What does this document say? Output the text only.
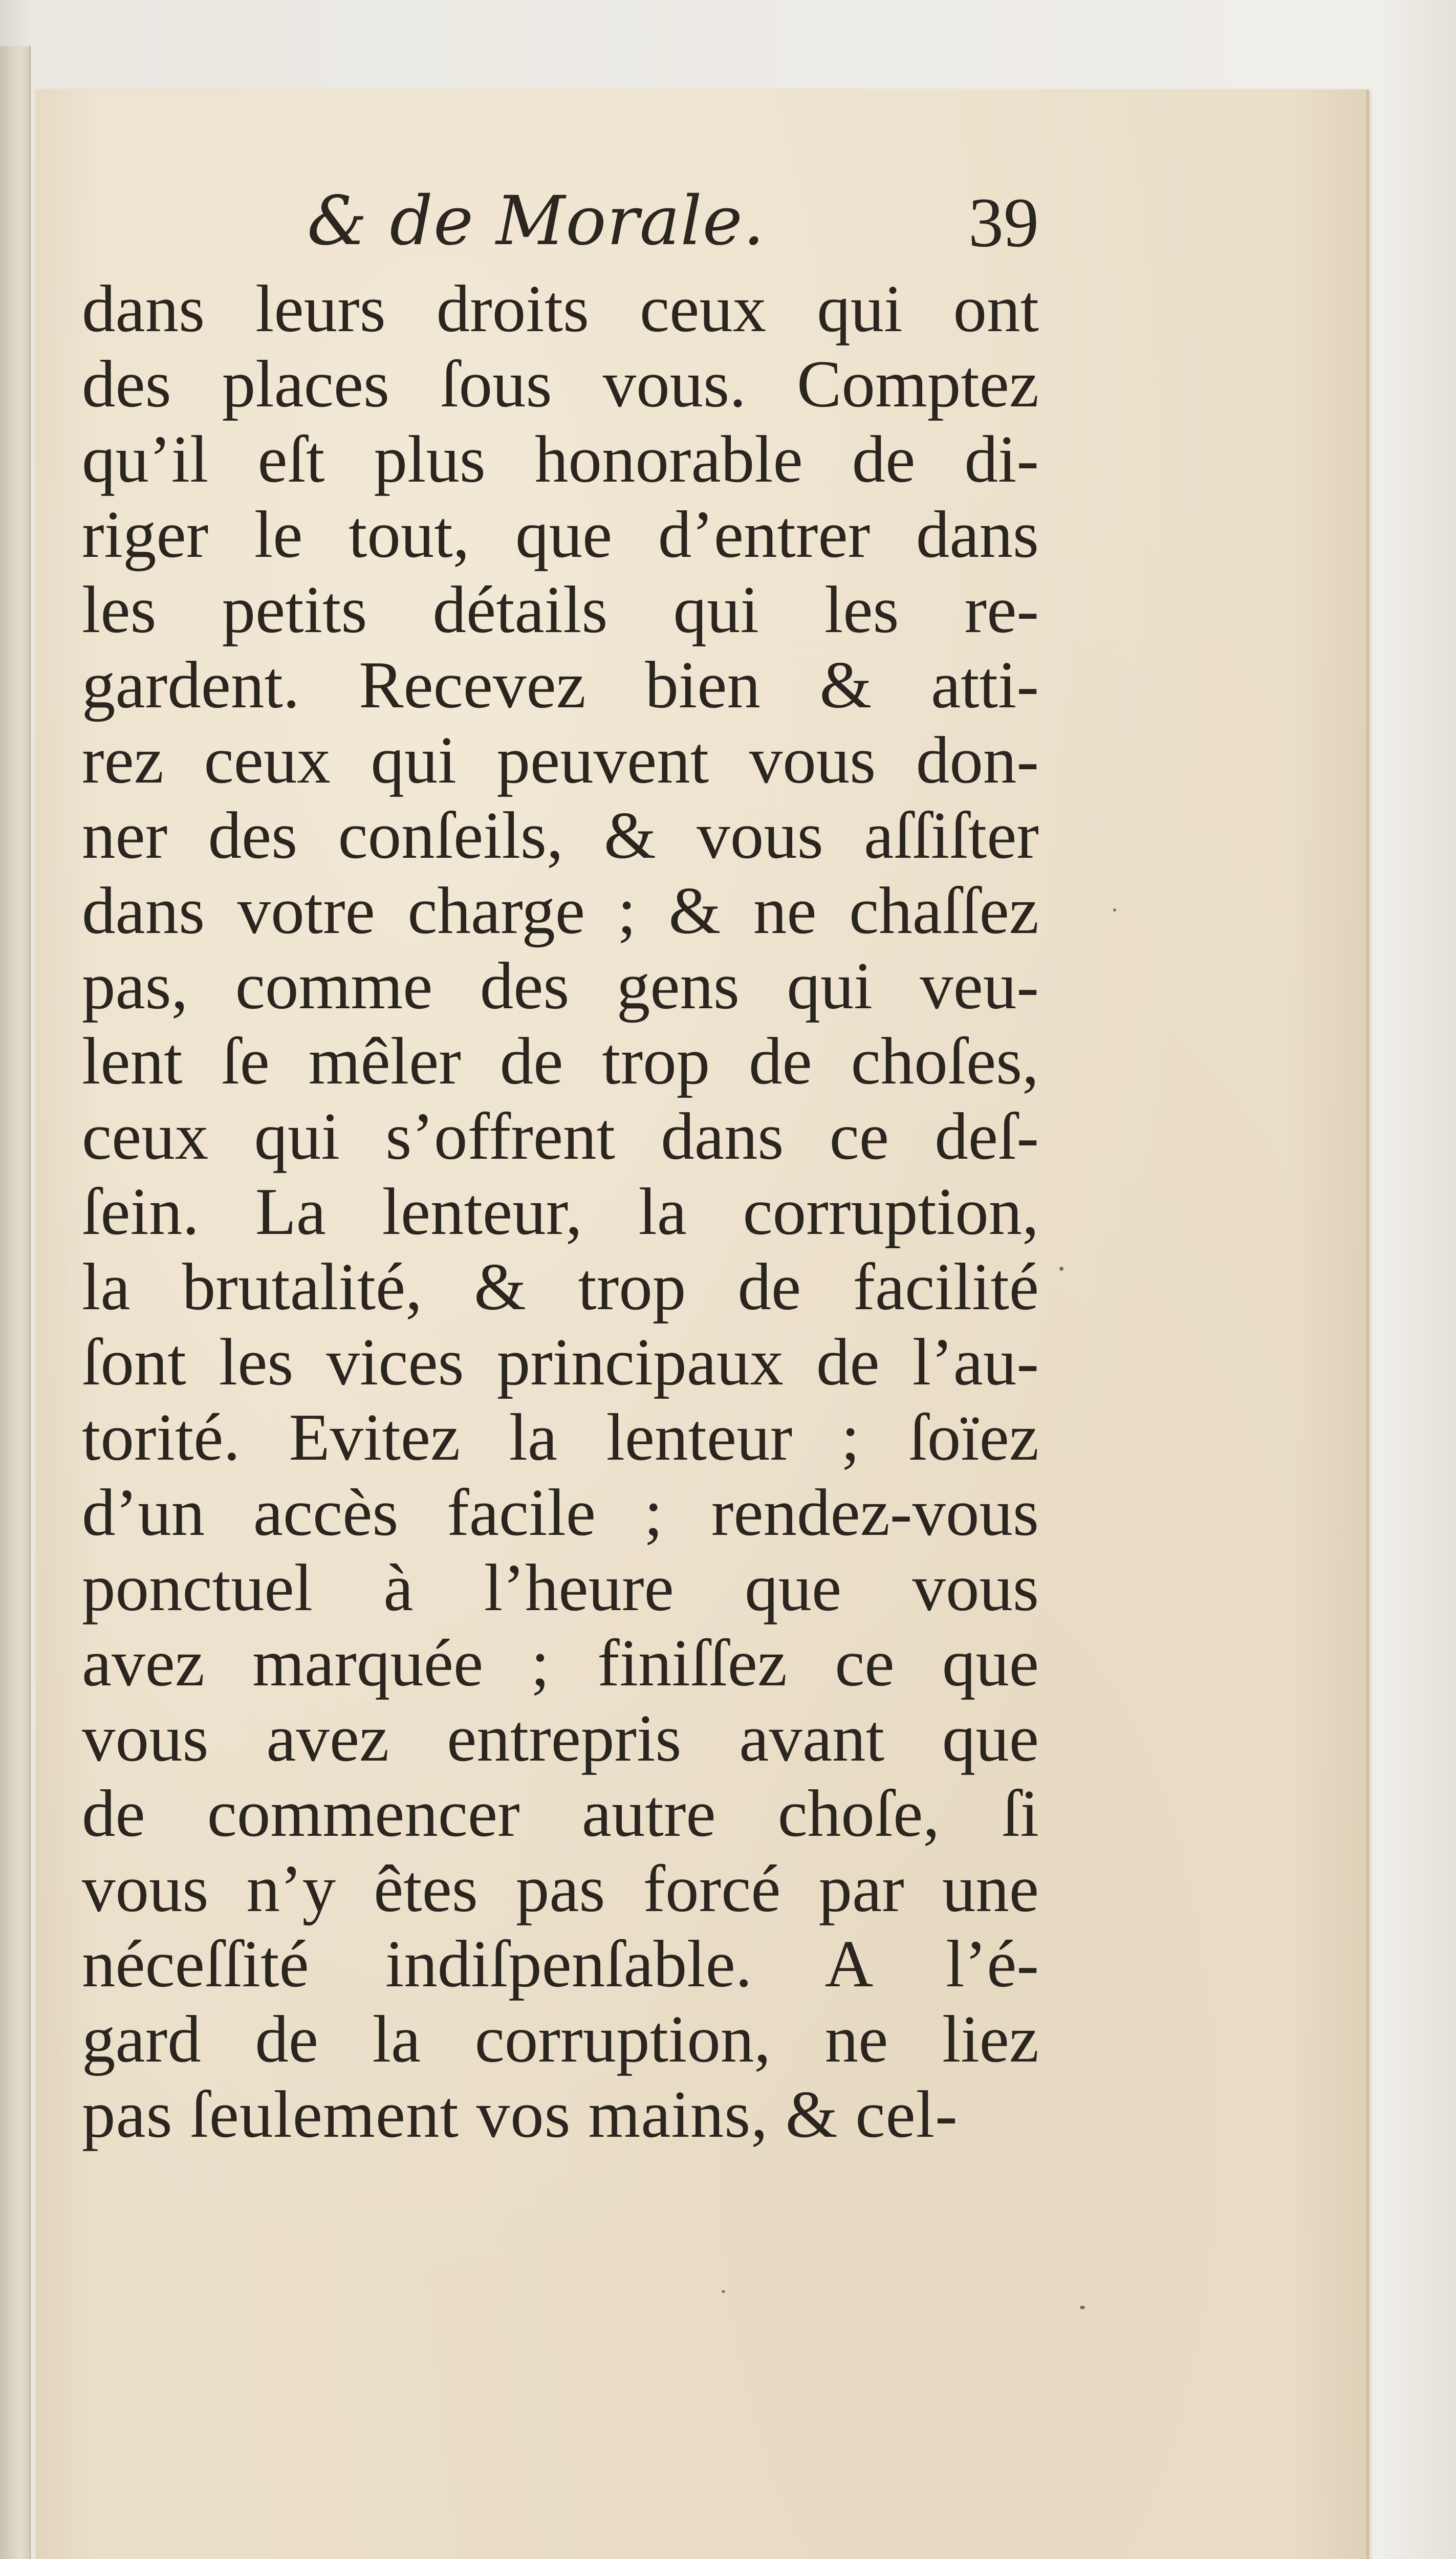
& de Morale.	39
dans leurs droits ceux qui ont
des places ſous vous. Comptez
qu’il eſt plus honorable de di-
riger le tout, que d’entrer dans
les petits détails qui les re-
gardent. Recevez bien & atti-
rez ceux qui peuvent vous don-
ner des conſeils, & vous aſſiſter
dans votre charge ; & ne chaſſez
pas, comme des gens qui veu-
lent ſe mêler de trop de choſes,
ceux qui s’offrent dans ce deſ-
ſein. La lenteur, la corruption,
la brutalité, & trop de facilité
ſont les vices principaux de l’au-
torité. Evitez la lenteur ; ſoïez
d’un accès facile ; rendez-vous
ponctuel à l’heure que vous
avez marquée ; finiſſez ce que
vous avez entrepris avant que
de commencer autre choſe, ſi
vous n’y êtes pas forcé par une
néceſſité indiſpenſable. A l’é-
gard de la corruption, ne liez
pas ſeulement vos mains, & cel-
